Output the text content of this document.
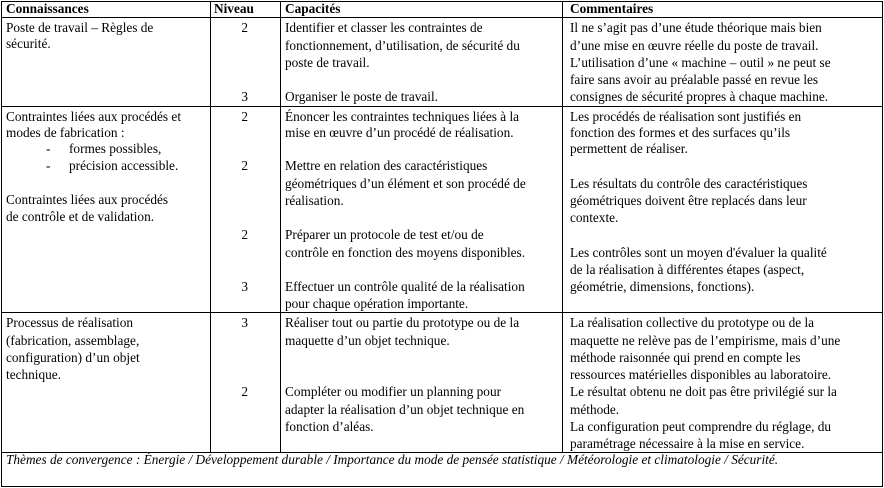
Connaissances	Niveau Capacités	Commentaires
Poste de travail – Règles de
sécurité.
2
3
Identifier et classer les contraintes de
fonctionnement, d’utilisation, de sécurité du
poste de travail.
Organiser le poste de travail.
Il ne s’agit pas d’une étude théorique mais bien
d’une mise en œuvre réelle du poste de travail.
L’utilisation d’une « machine – outil » ne peut se
faire sans avoir au préalable passé en revue les
consignes de sécurité propres à chaque machine.
Contraintes liées aux procédés et
modes de fabrication :
- formes possibles,
- précision accessible.
Contraintes liées aux procédés
de contrôle et de validation.
2
2
2
3
Énoncer les contraintes techniques liées à la
mise en œuvre d’un procédé de réalisation.
Mettre en relation des caractéristiques
géométriques d’un élément et son procédé de
réalisation.
Préparer un protocole de test et/ou de
contrôle en fonction des moyens disponibles.
Effectuer un contrôle qualité de la réalisation
pour chaque opération importante.
Les procédés de réalisation sont justifiés en
fonction des formes et des surfaces qu’ils
permettent de réaliser.
Les résultats du contrôle des caractéristiques
géométriques doivent être replacés dans leur
contexte.
Les contrôles sont un moyen d'évaluer la qualité
de la réalisation à différentes étapes (aspect,
géométrie, dimensions, fonctions).
Processus de réalisation
(fabrication, assemblage,
configuration) d’un objet
technique.
3
2
Réaliser tout ou partie du prototype ou de la
maquette d’un objet technique.
Compléter ou modifier un planning pour
adapter la réalisation d’un objet technique en
fonction d’aléas.
La réalisation collective du prototype ou de la
maquette ne relève pas de l’empirisme, mais d’une
méthode raisonnée qui prend en compte les
ressources matérielles disponibles au laboratoire.
Le résultat obtenu ne doit pas être privilégié sur la
méthode.
La configuration peut comprendre du réglage, du
paramétrage nécessaire à la mise en service.
Thèmes de convergence : Énergie / Développement durable / Importance du mode de pensée statistique / Météorologie et climatologie / Sécurité.
